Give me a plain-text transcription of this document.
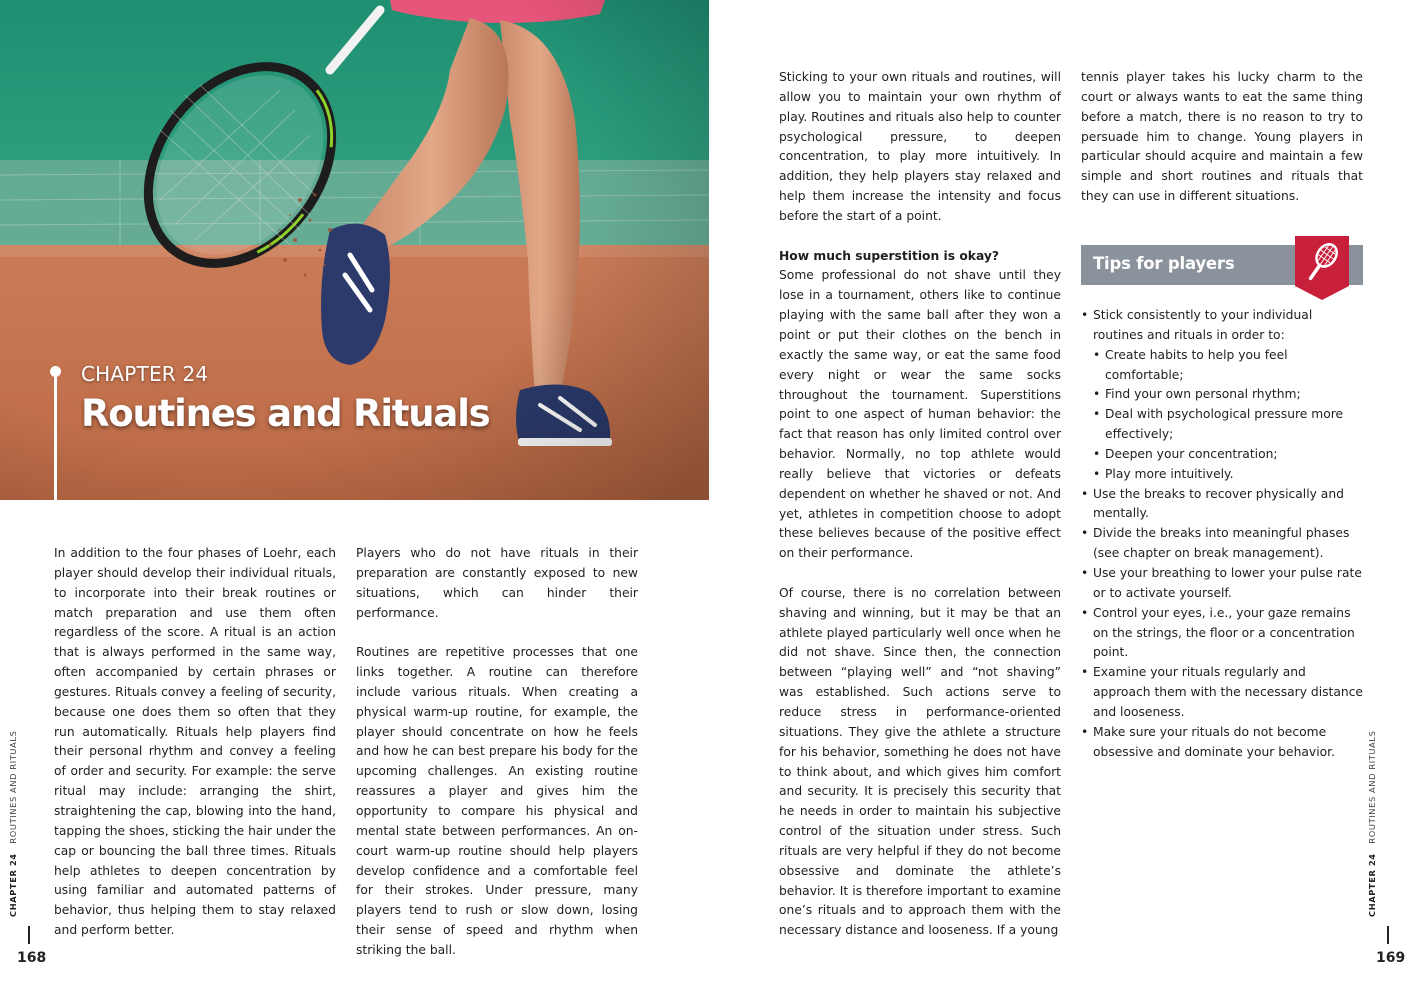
CHAPTER 24
Routines and Rituals

In addition to the four phases of Loehr, each player should develop their individual rituals, to incorporate into their break routines or match preparation and use them often regardless of the score. A ritual is an action that is always performed in the same way, often accompanied by certain phrases or gestures. Rituals convey a feeling of security, because one does them so often that they run automatically. Rituals help players find their personal rhythm and convey a feeling of order and security. For example: the serve ritual may include: arranging the shirt, straightening the cap, blowing into the hand, tapping the shoes, sticking the hair under the cap or bouncing the ball three times. Rituals help athletes to deepen concentration by using familiar and automated patterns of behavior, thus helping them to stay relaxed and perform better.

Players who do not have rituals in their preparation are constantly exposed to new situations, which can hinder their performance.

Routines are repetitive processes that one links together. A routine can therefore include various rituals. When creating a physical warm-up routine, for example, the player should concentrate on how he feels and how he can best prepare his body for the upcoming challenges. An existing routine reassures a player and gives him the opportunity to compare his physical and mental state between performances. An on-court warm-up routine should help players develop confidence and a comfortable feel for their strokes. Under pressure, many players tend to rush or slow down, losing their sense of speed and rhythm when striking the ball.

CHAPTER 24   ROUTINES AND RITUALS
168

Sticking to your own rituals and routines, will allow you to maintain your own rhythm of play. Routines and rituals also help to counter psychological pressure, to deepen concentration, to play more intuitively. In addition, they help players stay relaxed and help them increase the intensity and focus before the start of a point.

How much superstition is okay?

Some professional do not shave until they lose in a tournament, others like to continue playing with the same ball after they won a point or put their clothes on the bench in exactly the same way, or eat the same food every night or wear the same socks throughout the tournament. Superstitions point to one aspect of human behavior: the fact that reason has only limited control over behavior. Normally, no top athlete would really believe that victories or defeats dependent on whether he shaved or not. And yet, athletes in competition choose to adopt these believes because of the positive effect on their performance.

Of course, there is no correlation between shaving and winning, but it may be that an athlete played particularly well once when he did not shave. Since then, the connection between “playing well” and “not shaving” was established. Such actions serve to reduce stress in performance-oriented situations. They give the athlete a structure for his behavior, something he does not have to think about, and which gives him comfort and security. It is precisely this security that he needs in order to maintain his subjective control of the situation under stress. Such rituals are very helpful if they do not become obsessive and dominate the athlete’s behavior. It is therefore important to examine one’s rituals and to approach them with the necessary distance and looseness. If a young

tennis player takes his lucky charm to the court or always wants to eat the same thing before a match, there is no reason to try to persuade him to change. Young players in particular should acquire and maintain a few simple and short routines and rituals that they can use in different situations.

Tips for players
• Stick consistently to your individual routines and rituals in order to:
• Create habits to help you feel comfortable;
• Find your own personal rhythm;
• Deal with psychological pressure more effectively;
• Deepen your concentration;
• Play more intuitively.
• Use the breaks to recover physically and mentally.
• Divide the breaks into meaningful phases (see chapter on break management).
• Use your breathing to lower your pulse rate or to activate yourself.
• Control your eyes, i.e., your gaze remains on the strings, the floor or a concentration point.
• Examine your rituals regularly and approach them with the necessary distance and looseness.
• Make sure your rituals do not become obsessive and dominate your behavior.
CHAPTER 24   ROUTINES AND RITUALS
169
